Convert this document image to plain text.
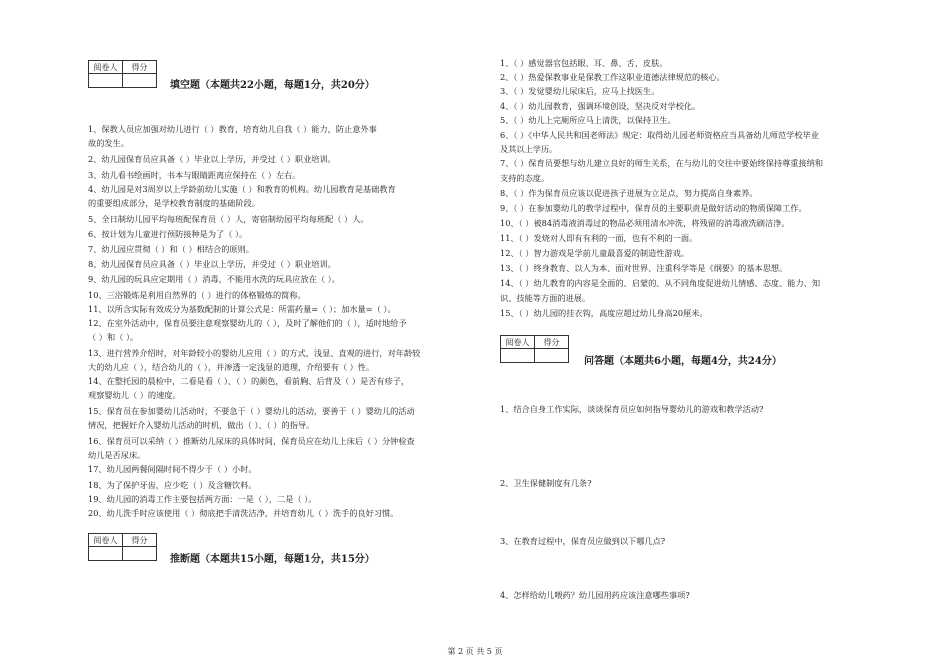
阅卷人	得分

填空题（本题共22小题，每题1分，共20分）
1、保教人员应加强对幼儿进行（ ）教育，培育幼儿自我（ ）能力，防止意外事
故的发生。
2、幼儿园保育员应具备（ ）毕业以上学历，并受过（ ）职业培训。
3、幼儿看书绘画时，书本与眼睛距离应保持在（ ）左右。
4、幼儿园是对3周岁以上学龄前幼儿实施（ ）和教育的机构。幼儿园教育是基础教育
的重要组成部分，是学校教育制度的基础阶段。
5、全日制幼儿园平均每班配保育员（ ）人，寄宿制幼园平均每班配（ ）人。
6、按计划为儿童进行预防接种是为了（ ）。
7、幼儿园应贯彻（ ）和（ ）相结合的原则。
8、幼儿园保育员应具备（ ）毕业以上学历，并受过（ ）职业培训。
9、幼儿园的玩具应定期用（ ）消毒，不能用水洗的玩具应放在（ ）。
10、三浴锻炼是利用自然界的（ ）进行的体格锻炼的简称。
11、以所含实际有效成分为基数配制的计算公式是：所需药量=（ ）；加水量=（ ）。
12、在室外活动中，保育员要注意观察婴幼儿的（ ），及时了解他们的（ ），适时地给予
（ ）和（ ）。
13、进行营养介绍时，对年龄较小的婴幼儿应用（ ）的方式，浅显、直观的进行，对年龄较
大的幼儿应（ ），结合幼儿的（ ），并渗透一定浅显的道理，介绍要有（ ）性。
14、在整托园的晨检中，二看是看（ ）、（ ）的颜色，看前胸、后背及（ ）是否有疹子，
观察婴幼儿（ ）的速度。
15、保育员在参加婴幼儿活动时，不要急于（ ）婴幼儿的活动，要善于（ ）婴幼儿的活动
情况，把握好介入婴幼儿活动的时机，做出（ ）、（ ）的指导。
16、保育员可以采纳（ ）推断幼儿尿床的具体时间，保育员应在幼儿上床后（ ）分钟检查
幼儿是否尿床。
17、幼儿园两餐间隔时间不得少于（ ）小时。
18、为了保护牙齿，应少吃（ ）及含糖饮料。
19、幼儿园的消毒工作主要包括两方面：一是（ ），二是（ ）。
20、幼儿洗手时应该使用（ ）彻底把手清洗洁净，并培育幼儿（ ）洗手的良好习惯。
阅卷人	得分

推断题（本题共15小题，每题1分，共15分）
1、（ ）感觉器官包括眼、耳、鼻、舌、皮肤。
2、（ ）热爱保教事业是保教工作这职业道德法律规范的核心。
3、（ ）发觉婴幼儿尿床后，应马上找医生。
4、（ ）幼儿园教育，强调环境创设，坚决反对学校化。
5、（ ）幼儿上完厕所应马上清洗，以保持卫生。
6、（ ）《中华人民共和国老师法》规定：取得幼儿园老师资格应当具备幼儿师范学校毕业
及其以上学历。
7、（ ）保育员要想与幼儿建立良好的师生关系，在与幼儿的交往中要始终保持尊重接纳和
支持的态度。
8、（ ）作为保育员应该以促进孩子进展为立足点，努力提高自身素养。
9、（ ）在参加婴幼儿的教学过程中，保育员的主要职责是做好活动的物质保障工作。
10、（ ）被84消毒液消毒过的物品必须用清水冲洗，将残留的消毒液洗刷洁净。
11、（ ）发烧对人即有有利的一面，也有不利的一面。
12、（ ）智力游戏是学前儿童最喜爱的制造性游戏。
13、（ ）终身教育、以人为本、面对世界、注重科学等是《纲要》的基本思想。
14、（ ）幼儿教育的内容是全面的、启蒙的、从不同角度促进幼儿情感、态度、能力、知
识、技能等方面的进展。
15、（ ）幼儿园的挂衣钩，高度应超过幼儿身高20厘米。
阅卷人	得分

问答题（本题共6小题，每题4分，共24分）
1、结合自身工作实际，谈谈保育员应如何指导婴幼儿的游戏和教学活动?
2、卫生保健制度有几条?
3、在教育过程中，保育员应做到以下哪几点?
4、怎样给幼儿喂药？幼儿园用药应该注意哪些事项?
第 2 页 共 5 页
